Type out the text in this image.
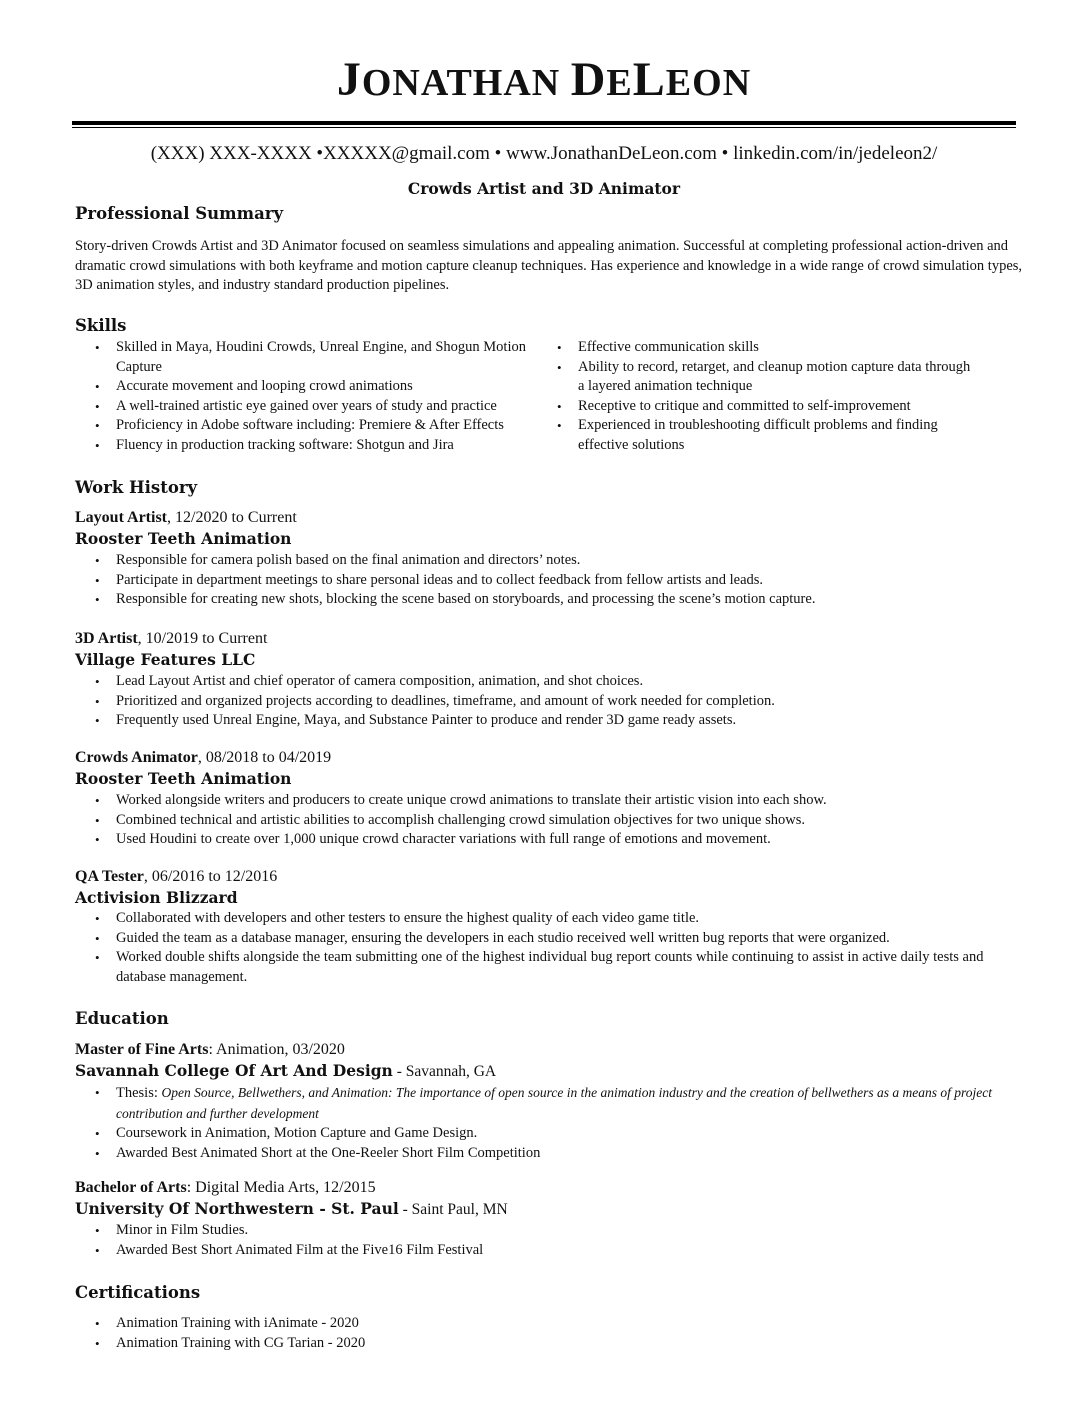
JONATHAN DELEON
(XXX) XXX-XXXX •XXXXX@gmail.com • www.JonathanDeLeon.com • linkedin.com/in/jedeleon2/
Crowds Artist and 3D Animator
Professional Summary
Story-driven Crowds Artist and 3D Animator focused on seamless simulations and appealing animation. Successful at completing professional action-driven and dramatic crowd simulations with both keyframe and motion capture cleanup techniques. Has experience and knowledge in a wide range of crowd simulation types, 3D animation styles, and industry standard production pipelines.
Skills
• Skilled in Maya, Houdini Crowds, Unreal Engine, and Shogun Motion Capture
• Accurate movement and looping crowd animations
• A well-trained artistic eye gained over years of study and practice
• Proficiency in Adobe software including: Premiere & After Effects
• Fluency in production tracking software: Shotgun and Jira
• Effective communication skills
• Ability to record, retarget, and cleanup motion capture data through a layered animation technique
• Receptive to critique and committed to self-improvement
• Experienced in troubleshooting difficult problems and finding effective solutions
Work History
Layout Artist, 12/2020 to Current
Rooster Teeth Animation
• Responsible for camera polish based on the final animation and directors’ notes.
• Participate in department meetings to share personal ideas and to collect feedback from fellow artists and leads.
• Responsible for creating new shots, blocking the scene based on storyboards, and processing the scene’s motion capture.
3D Artist, 10/2019 to Current
Village Features LLC
• Lead Layout Artist and chief operator of camera composition, animation, and shot choices.
• Prioritized and organized projects according to deadlines, timeframe, and amount of work needed for completion.
• Frequently used Unreal Engine, Maya, and Substance Painter to produce and render 3D game ready assets.
Crowds Animator, 08/2018 to 04/2019
Rooster Teeth Animation
• Worked alongside writers and producers to create unique crowd animations to translate their artistic vision into each show.
• Combined technical and artistic abilities to accomplish challenging crowd simulation objectives for two unique shows.
• Used Houdini to create over 1,000 unique crowd character variations with full range of emotions and movement.
QA Tester, 06/2016 to 12/2016
Activision Blizzard
• Collaborated with developers and other testers to ensure the highest quality of each video game title.
• Guided the team as a database manager, ensuring the developers in each studio received well written bug reports that were organized.
• Worked double shifts alongside the team submitting one of the highest individual bug report counts while continuing to assist in active daily tests and database management.
Education
Master of Fine Arts: Animation, 03/2020
Savannah College Of Art And Design - Savannah, GA
• Thesis: Open Source, Bellwethers, and Animation: The importance of open source in the animation industry and the creation of bellwethers as a means of project contribution and further development
• Coursework in Animation, Motion Capture and Game Design.
• Awarded Best Animated Short at the One-Reeler Short Film Competition
Bachelor of Arts: Digital Media Arts, 12/2015
University Of Northwestern - St. Paul - Saint Paul, MN
• Minor in Film Studies.
• Awarded Best Short Animated Film at the Five16 Film Festival
Certifications
• Animation Training with iAnimate - 2020
• Animation Training with CG Tarian - 2020
